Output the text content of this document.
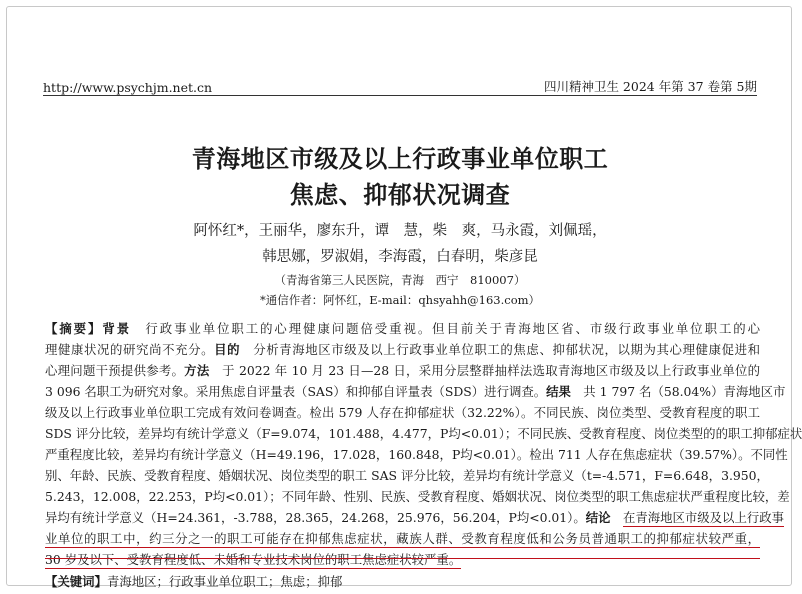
http://www.psychjm.net.cn	四川精神卫生 2024 年第 37 卷第 5期
青海地区市级及以上行政事业单位职工
焦虑、抑郁状况调查
阿怀红*，王丽华，廖东升，谭　慧，柴　爽，马永霞，刘佩瑶，
韩思娜，罗淑娟，李海霞，白春明，柴彦昆
（青海省第三人民医院，青海　西宁　810007）
*通信作者：阿怀红，E-mail：qhsyahh@163.com）

【摘要】背景　行政事业单位职工的心理健康问题倍受重视。但目前关于青海地区省、市级行政事业单位职工的心

理健康状况的研究尚不充分。目的　分析青海地区市级及以上行政事业单位职工的焦虑、抑郁状况，以期为其心理健康促进和

心理问题干预提供参考。方法　于 2022 年 10 月 23 日—28 日，采用分层整群抽样法选取青海地区市级及以上行政事业单位的

3 096 名职工为研究对象。采用焦虑自评量表（SAS）和抑郁自评量表（SDS）进行调查。结果　共 1 797 名（58.04%）青海地区市

级及以上行政事业单位职工完成有效问卷调查。检出 579 人存在抑郁症状（32.22%）。不同民族、岗位类型、受教育程度的职工

SDS 评分比较，差异均有统计学意义（F=9.074，101.488，4.477，P均<0.01）；不同民族、受教育程度、岗位类型的的职工抑郁症状

严重程度比较，差异均有统计学意义（H=49.196，17.028，160.848，P均<0.01）。检出 711 人存在焦虑症状（39.57%）。不同性

别、年龄、民族、受教育程度、婚姻状况、岗位类型的职工 SAS 评分比较，差异均有统计学意义（t=-4.571，F=6.648，3.950，

5.243，12.008，22.253，P均<0.01）；不同年龄、性别、民族、受教育程度、婚姻状况、岗位类型的职工焦虑症状严重程度比较，差

异均有统计学意义（H=24.361，-3.788，28.365，24.268，25.976，56.204，P均<0.01）。结论　 在青海地区市级及以上行政事

业单位的职工中，约三分之一的职工可能存在抑郁焦虑症状，藏族人群、受教育程度低和公务员普通职工的抑郁症状较严重，

30 岁及以下、受教育程度低、未婚和专业技术岗位的职工焦虑症状较严重。

【关键词】青海地区；行政事业单位职工；焦虑；抑郁
